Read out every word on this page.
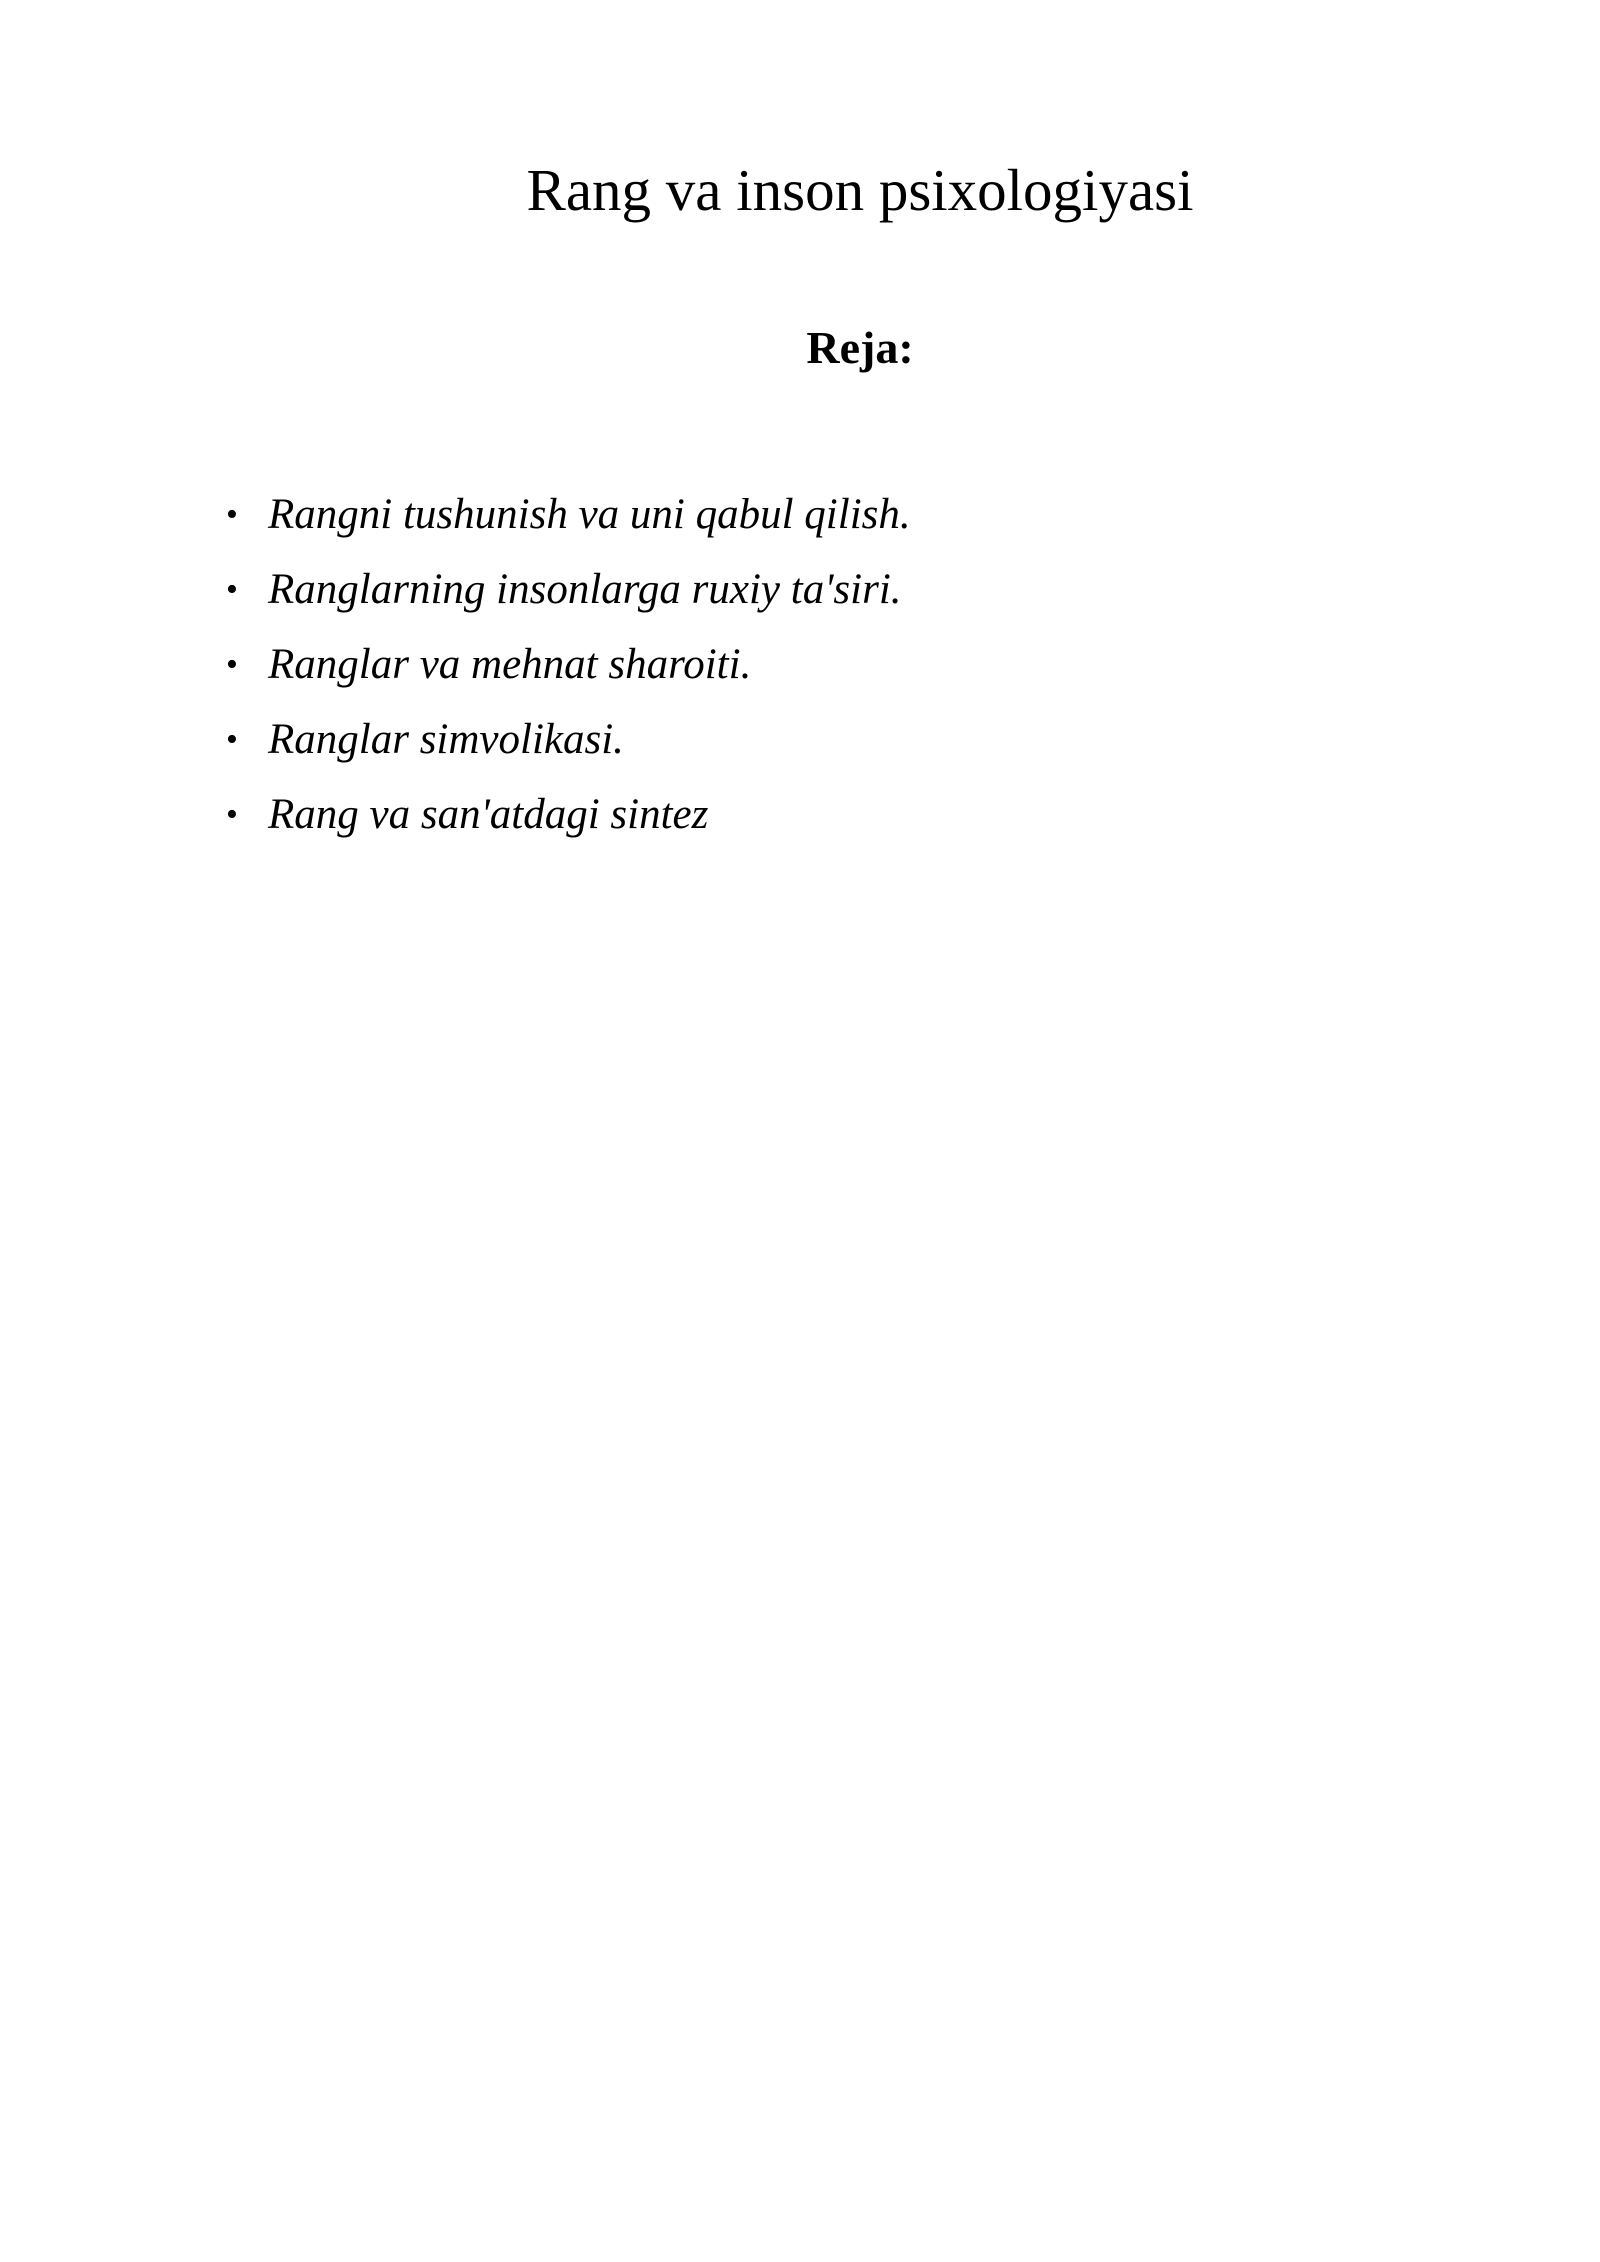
Rang va inson psixologiyasi
Reja:
• Rangni tushunish va uni qabul qilish.
• Ranglarning insonlarga ruxiy ta'siri.
• Ranglar va mehnat sharoiti.
• Ranglar simvolikasi.
• Rang va san'atdagi sintez
